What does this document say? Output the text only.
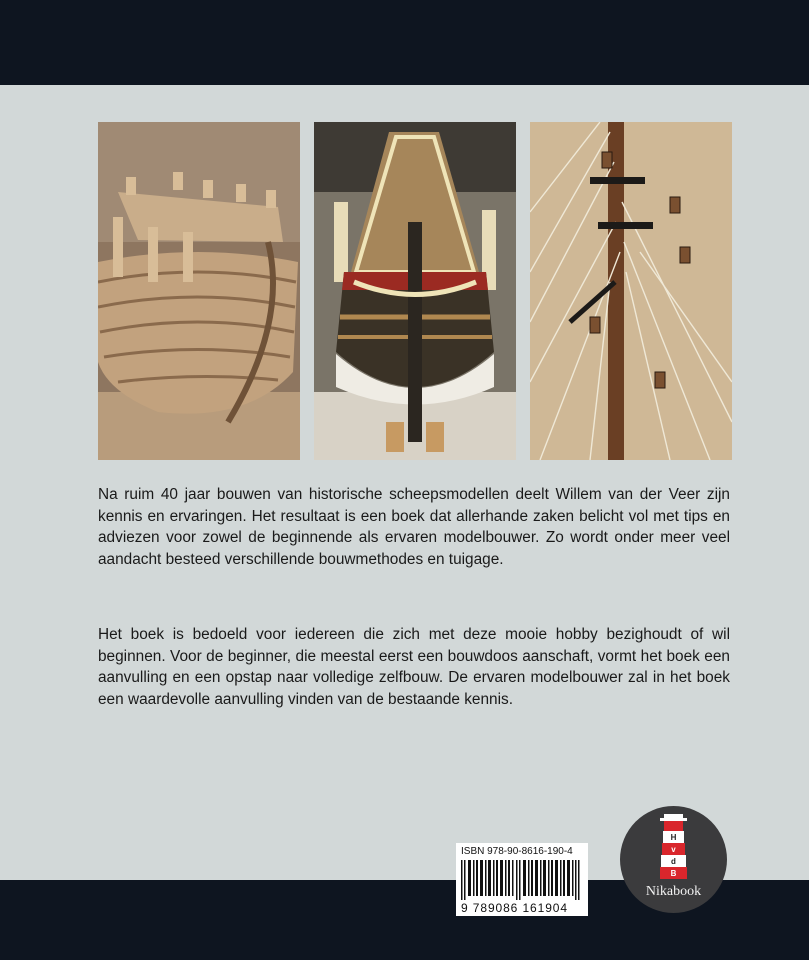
Na ruim 40 jaar bouwen van historische scheepsmodellen deelt Willem van der Veer zijn kennis en ervaringen. Het resultaat is een boek dat allerhande zaken belicht vol met tips en adviezen voor zowel de beginnende als ervaren modelbouwer. Zo wordt onder meer veel aandacht besteed verschillende bouwmethodes en tuigage.

Het boek is bedoeld voor iedereen die zich met deze mooie hobby bezighoudt of wil beginnen. Voor de beginner, die meestal eerst een bouwdoos aanschaft, vormt het boek een aanvulling en een opstap naar volledige zelfbouw. De ervaren modelbouwer zal in het boek een waardevolle aanvulling vinden van de bestaande kennis.

ISBN 978-90-8616-190-4
9 789086 161904
H
v
d
B
Nikabook
